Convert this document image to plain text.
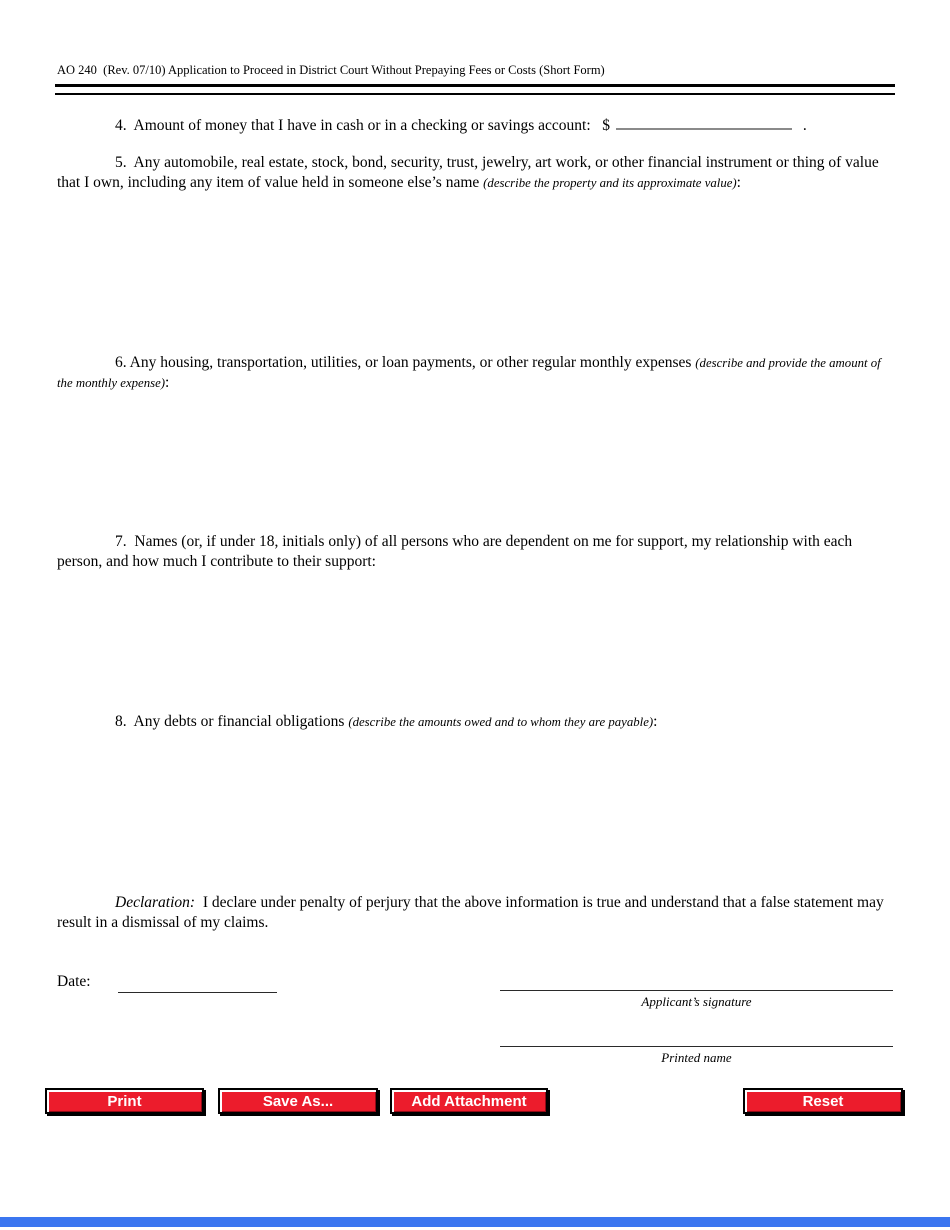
AO 240  (Rev. 07/10) Application to Proceed in District Court Without Prepaying Fees or Costs (Short Form)
4.  Amount of money that I have in cash or in a checking or savings account:   $	.
5.  Any automobile, real estate, stock, bond, security, trust, jewelry, art work, or other financial instrument or thing of value that I own, including any item of value held in someone else’s name (describe the property and its approximate value):
6. Any housing, transportation, utilities, or loan payments, or other regular monthly expenses (describe and provide the amount of the monthly expense):
7.  Names (or, if under 18, initials only) of all persons who are dependent on me for support, my relationship with each person, and how much I contribute to their support:
8.  Any debts or financial obligations (describe the amounts owed and to whom they are payable):
Declaration:  I declare under penalty of perjury that the above information is true and understand that a false statement may result in a dismissal of my claims.
Date:
Applicant’s signature
Printed name
Print	Save As...	Add Attachment	Reset
